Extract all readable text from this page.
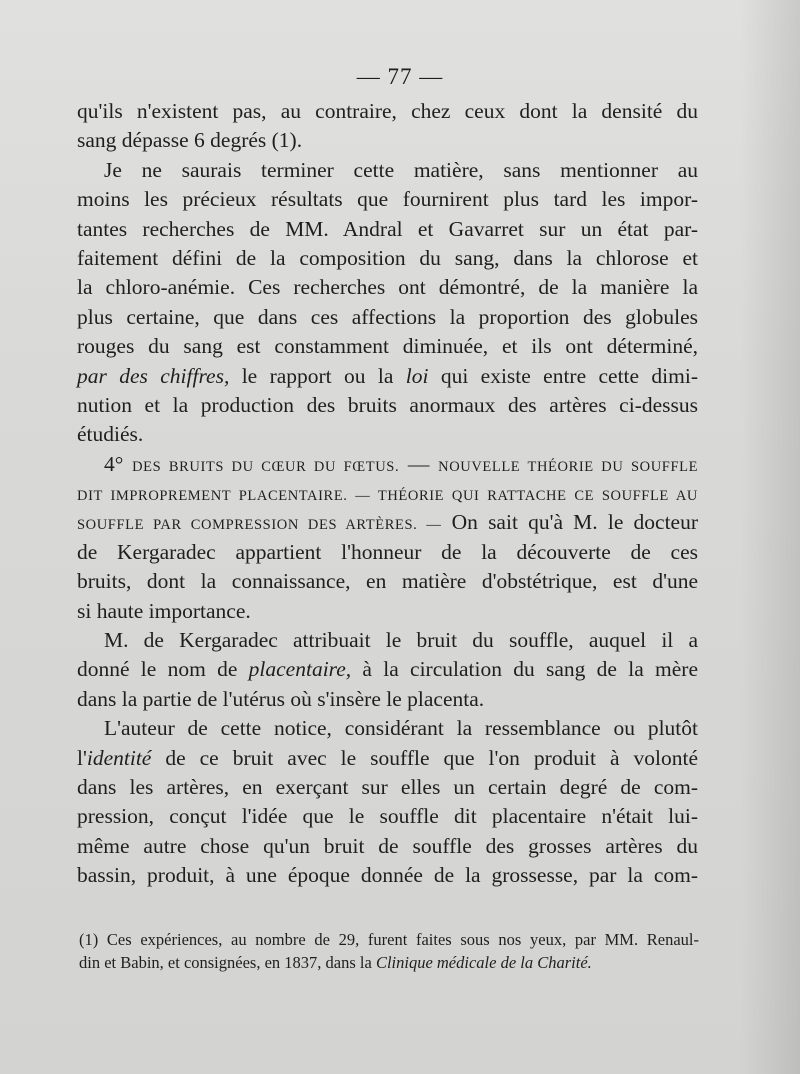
— 77 —
qu'ils n'existent pas, au contraire, chez ceux dont la densité du
sang dépasse 6 degrés (1).
Je ne saurais terminer cette matière, sans mentionner au
moins les précieux résultats que fournirent plus tard les impor-
tantes recherches de MM. Andral et Gavarret sur un état par-
faitement défini de la composition du sang, dans la chlorose et
la chloro-anémie. Ces recherches ont démontré, de la manière la
plus certaine, que dans ces affections la proportion des globules
rouges du sang est constamment diminuée, et ils ont déterminé,
par des chiffres, le rapport ou la loi qui existe entre cette dimi-
nution et la production des bruits anormaux des artères ci-dessus
étudiés.
4° DES BRUITS DU CŒUR DU FŒTUS. — NOUVELLE THÉORIE DU SOUFFLE
DIT IMPROPREMENT PLACENTAIRE. — THÉORIE QUI RATTACHE CE SOUFFLE AU
SOUFFLE PAR COMPRESSION DES ARTÈRES. — On sait qu'à M. le docteur
de Kergaradec appartient l'honneur de la découverte de ces
bruits, dont la connaissance, en matière d'obstétrique, est d'une
si haute importance.
M. de Kergaradec attribuait le bruit du souffle, auquel il a
donné le nom de placentaire, à la circulation du sang de la mère
dans la partie de l'utérus où s'insère le placenta.
L'auteur de cette notice, considérant la ressemblance ou plutôt
l'identité de ce bruit avec le souffle que l'on produit à volonté
dans les artères, en exerçant sur elles un certain degré de com-
pression, conçut l'idée que le souffle dit placentaire n'était lui-
même autre chose qu'un bruit de souffle des grosses artères du
bassin, produit, à une époque donnée de la grossesse, par la com-
(1) Ces expériences, au nombre de 29, furent faites sous nos yeux, par MM. Renaul-
din et Babin, et consignées, en 1837, dans la Clinique médicale de la Charité.
